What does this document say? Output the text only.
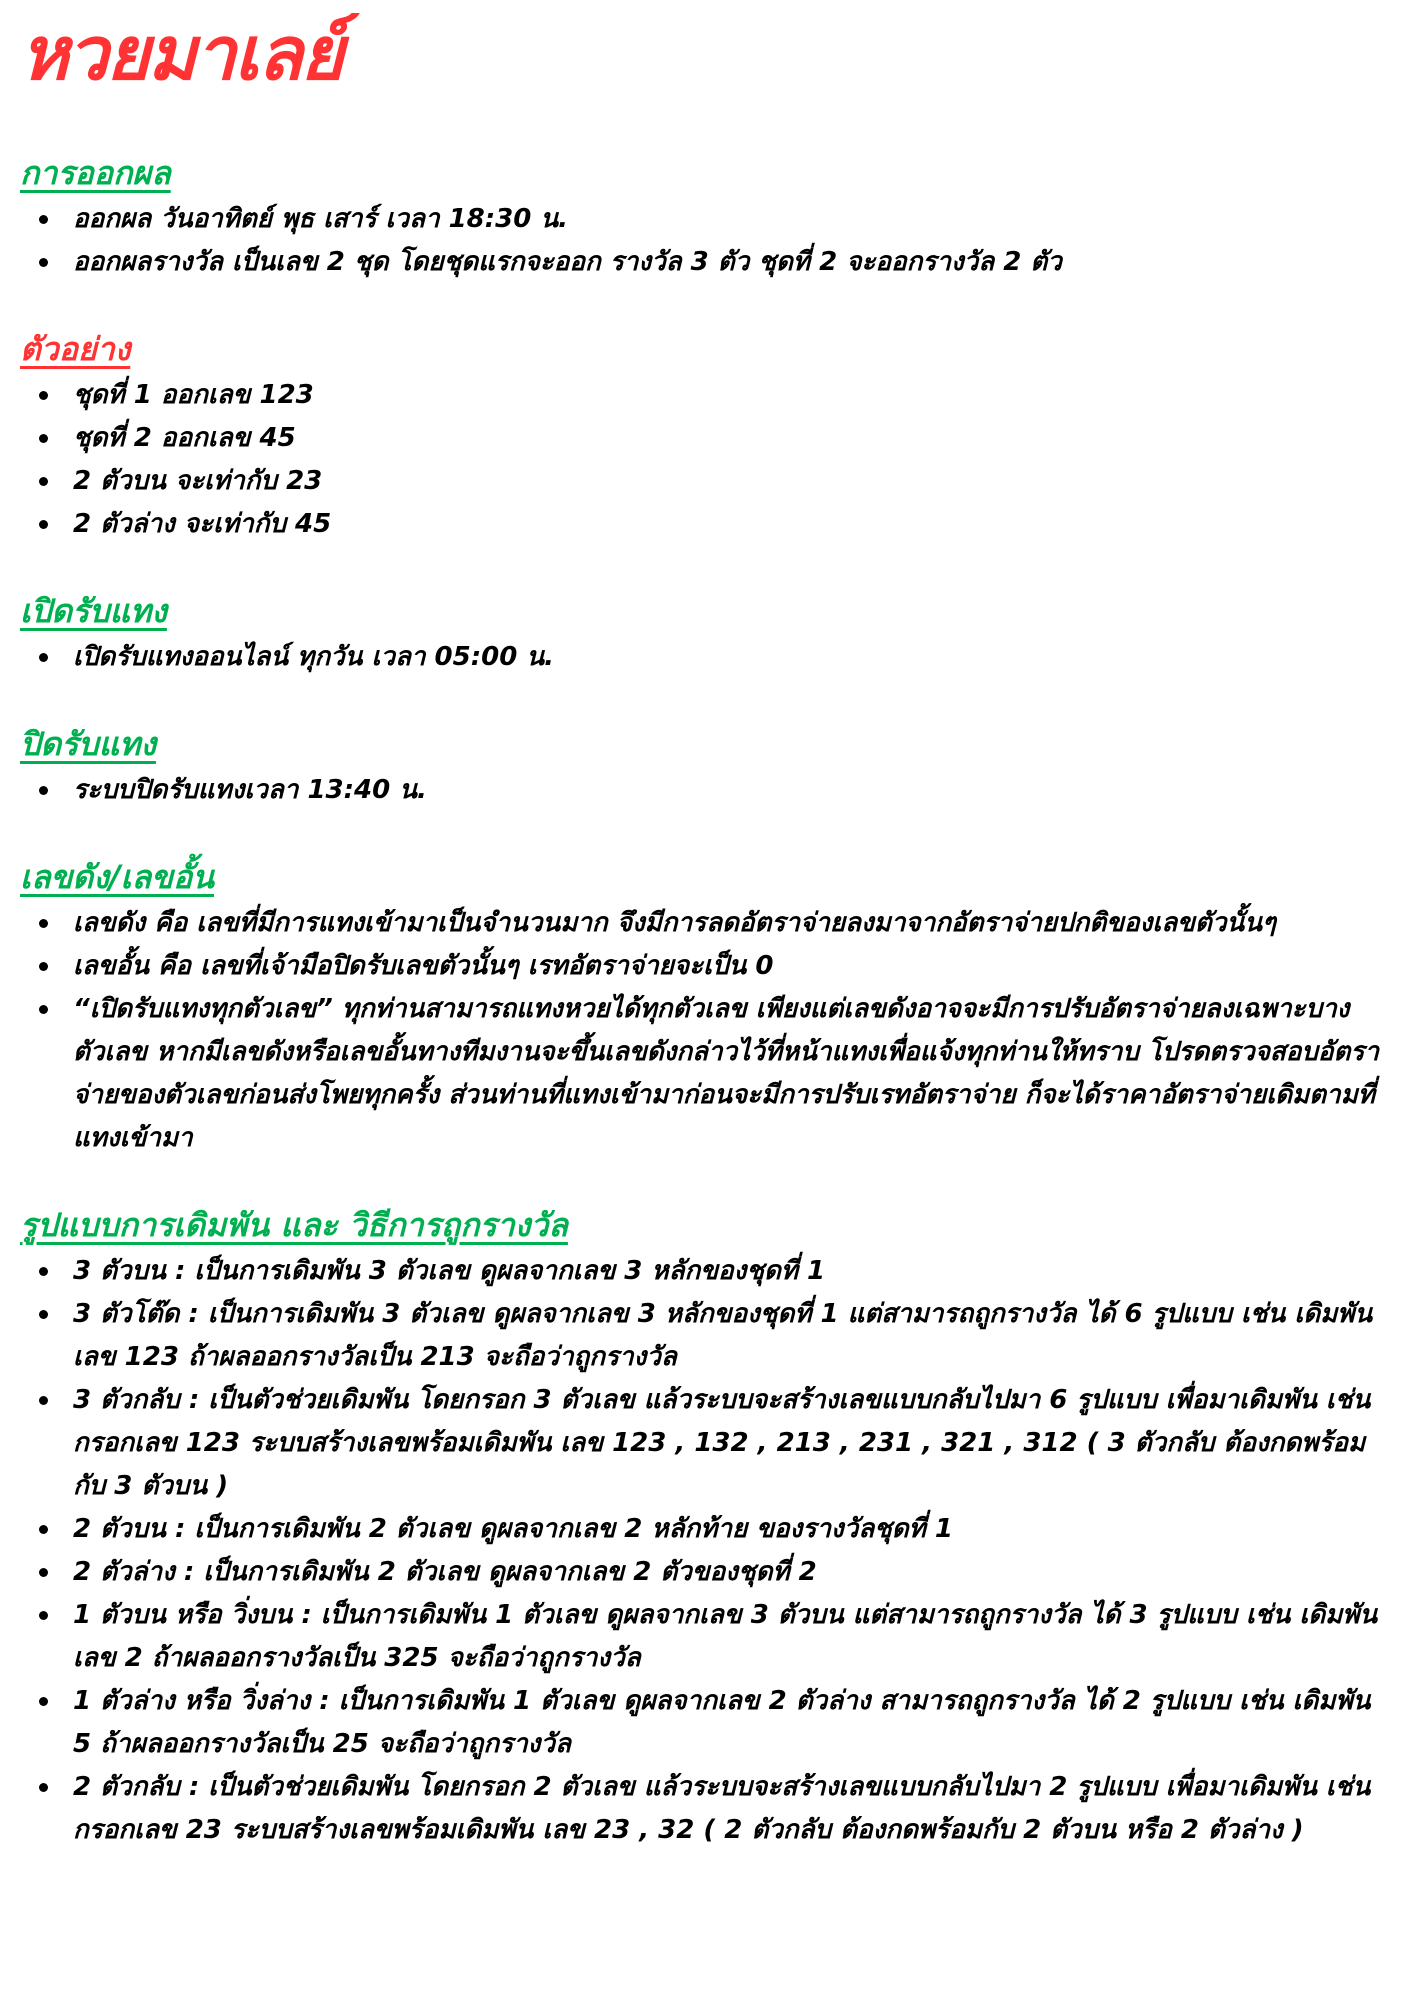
หวยมาเลย์
การออกผล
ออกผล วันอาทิตย์ พุธ เสาร์ เวลา 18:30 น.
ออกผลรางวัล เป็นเลข 2 ชุด โดยชุดแรกจะออก รางวัล 3 ตัว ชุดที่ 2 จะออกรางวัล 2 ตัว
ตัวอย่าง
ชุดที่ 1 ออกเลข 123
ชุดที่ 2 ออกเลข 45
2 ตัวบน จะเท่ากับ 23
2 ตัวล่าง จะเท่ากับ 45
เปิดรับแทง
เปิดรับแทงออนไลน์ ทุกวัน เวลา 05:00 น.
ปิดรับแทง
ระบบปิดรับแทงเวลา 13:40 น.
เลขดัง/เลขอั้น
เลขดัง คือ เลขที่มีการแทงเข้ามาเป็นจำนวนมาก จึงมีการลดอัตราจ่ายลงมาจากอัตราจ่ายปกติของเลขตัวนั้นๆ
เลขอั้น คือ เลขที่เจ้ามือปิดรับเลขตัวนั้นๆ เรทอัตราจ่ายจะเป็น 0
“เปิดรับแทงทุกตัวเลข” ทุกท่านสามารถแทงหวยได้ทุกตัวเลข เพียงแต่เลขดังอาจจะมีการปรับอัตราจ่ายลงเฉพาะบางตัวเลข หากมีเลขดังหรือเลขอั้นทางทีมงานจะขึ้นเลขดังกล่าวไว้ที่หน้าแทงเพื่อแจ้งทุกท่านให้ทราบ โปรดตรวจสอบอัตราจ่ายของตัวเลขก่อนส่งโพยทุกครั้ง ส่วนท่านที่แทงเข้ามาก่อนจะมีการปรับเรทอัตราจ่าย ก็จะได้ราคาอัตราจ่ายเดิมตามที่แทงเข้ามา
รูปแบบการเดิมพัน และ วิธีการถูกรางวัล
3 ตัวบน : เป็นการเดิมพัน 3 ตัวเลข ดูผลจากเลข 3 หลักของชุดที่ 1
3 ตัวโต๊ด : เป็นการเดิมพัน 3 ตัวเลข ดูผลจากเลข 3 หลักของชุดที่ 1 แต่สามารถถูกรางวัล ได้ 6 รูปแบบ เช่น เดิมพันเลข 123 ถ้าผลออกรางวัลเป็น 213 จะถือว่าถูกรางวัล
3 ตัวกลับ : เป็นตัวช่วยเดิมพัน โดยกรอก 3 ตัวเลข แล้วระบบจะสร้างเลขแบบกลับไปมา 6 รูปแบบ เพื่อมาเดิมพัน เช่น กรอกเลข 123 ระบบสร้างเลขพร้อมเดิมพัน เลข 123 , 132 , 213 , 231 , 321 , 312 ( 3 ตัวกลับ ต้องกดพร้อมกับ 3 ตัวบน )
2 ตัวบน : เป็นการเดิมพัน 2 ตัวเลข ดูผลจากเลข 2 หลักท้าย ของรางวัลชุดที่ 1
2 ตัวล่าง : เป็นการเดิมพัน 2 ตัวเลข ดูผลจากเลข 2 ตัวของชุดที่ 2
1 ตัวบน หรือ วิ่งบน : เป็นการเดิมพัน 1 ตัวเลข ดูผลจากเลข 3 ตัวบน แต่สามารถถูกรางวัล ได้ 3 รูปแบบ เช่น เดิมพันเลข 2 ถ้าผลออกรางวัลเป็น 325 จะถือว่าถูกรางวัล
1 ตัวล่าง หรือ วิ่งล่าง : เป็นการเดิมพัน 1 ตัวเลข ดูผลจากเลข 2 ตัวล่าง สามารถถูกรางวัล ได้ 2 รูปแบบ เช่น เดิมพัน 5 ถ้าผลออกรางวัลเป็น 25 จะถือว่าถูกรางวัล
2 ตัวกลับ : เป็นตัวช่วยเดิมพัน โดยกรอก 2 ตัวเลข แล้วระบบจะสร้างเลขแบบกลับไปมา 2 รูปแบบ เพื่อมาเดิมพัน เช่น กรอกเลข 23 ระบบสร้างเลขพร้อมเดิมพัน เลข 23 , 32 ( 2 ตัวกลับ ต้องกดพร้อมกับ 2 ตัวบน หรือ 2 ตัวล่าง )
